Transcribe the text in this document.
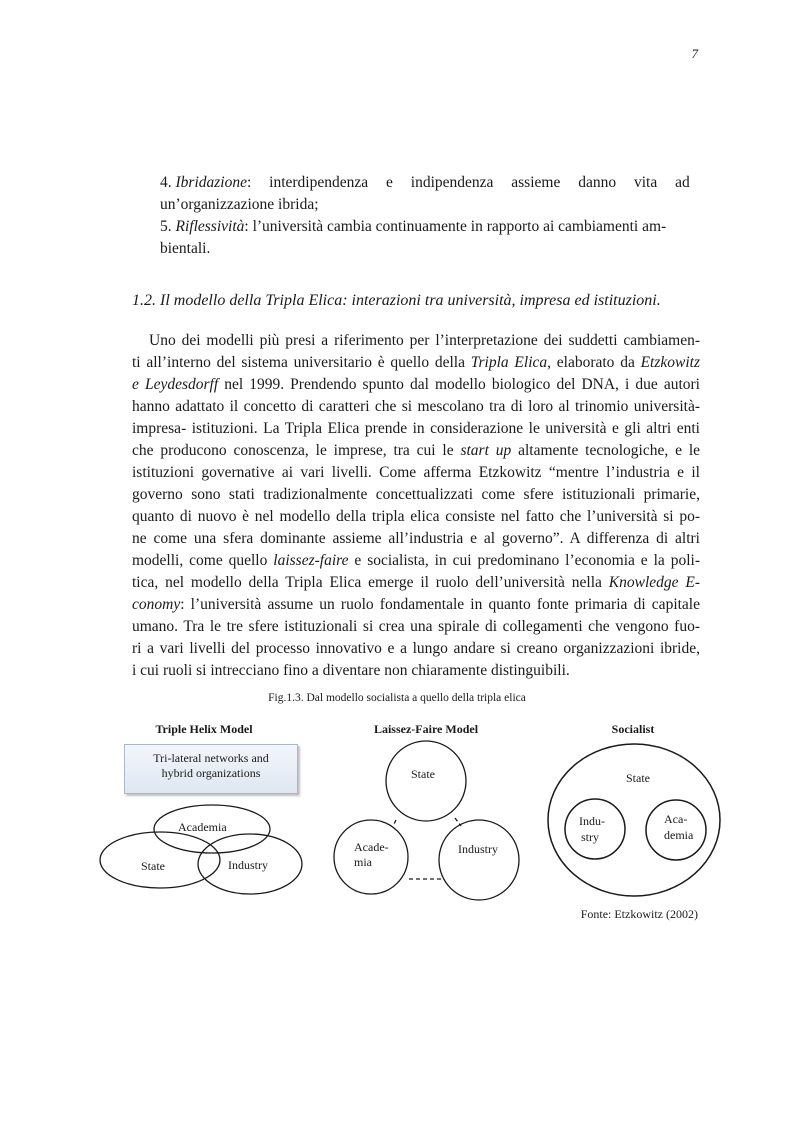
7
4. Ibridazione: interdipendenza e indipendenza assieme danno vita ad
un’organizzazione ibrida;
5. Riflessività: l’università cambia continuamente in rapporto ai cambiamenti am-
bientali.
1.2. Il modello della Tripla Elica: interazioni tra università, impresa ed istituzioni.
Uno dei modelli più presi a riferimento per l’interpretazione dei suddetti cambiamen-
ti all’interno del sistema universitario è quello della Tripla Elica, elaborato da Etzkowitz
e Leydesdorff nel 1999. Prendendo spunto dal modello biologico del DNA, i due autori
hanno adattato il concetto di caratteri che si mescolano tra di loro al trinomio università-
impresa- istituzioni. La Tripla Elica prende in considerazione le università e gli altri enti
che producono conoscenza, le imprese, tra cui le start up altamente tecnologiche, e le
istituzioni governative ai vari livelli. Come afferma Etzkowitz “mentre l’industria e il
governo sono stati tradizionalmente concettualizzati come sfere istituzionali primarie,
quanto di nuovo è nel modello della tripla elica consiste nel fatto che l’università si po-
ne come una sfera dominante assieme all’industria e al governo”. A differenza di altri
modelli, come quello laissez-faire e socialista, in cui predominano l’economia e la poli-
tica, nel modello della Tripla Elica emerge il ruolo dell’università nella Knowledge E-
conomy: l’università assume un ruolo fondamentale in quanto fonte primaria di capitale
umano. Tra le tre sfere istituzionali si crea una spirale di collegamenti che vengono fuo-
ri a vari livelli del processo innovativo e a lungo andare si creano organizzazioni ibride,
i cui ruoli si intrecciano fino a diventare non chiaramente distinguibili.
Fig.1.3. Dal modello socialista a quello della tripla elica
Triple Helix Model	Laissez-Faire Model	Socialist
Tri-lateral networks and
hybrid organizations
Academia
State	Industry
State
Acade-
mia
Industry
State
Indu-
stry
Aca-
demia
Fonte: Etzkowitz (2002)
